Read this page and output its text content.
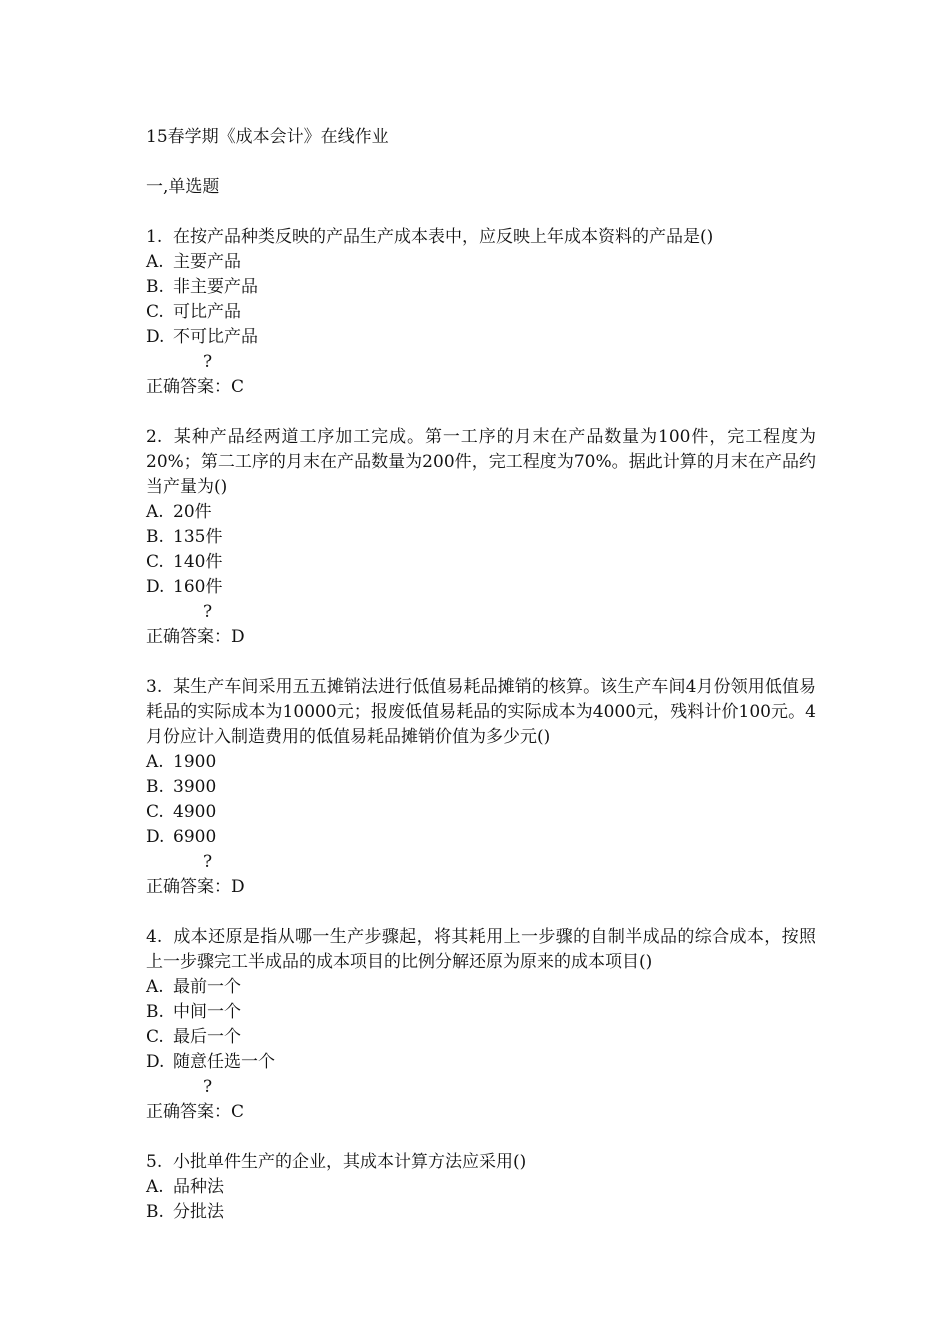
15春学期《成本会计》在线作业
一,单选题
1. 在按产品种类反映的产品生产成本表中，应反映上年成本资料的产品是()
A. 主要产品
B. 非主要产品
C. 可比产品
D. 不可比产品
?
正确答案：C
2. 某种产品经两道工序加工完成。第一工序的月末在产品数量为100件，完工程度为20%；第二工序的月末在产品数量为200件，完工程度为70%。据此计算的月末在产品约当产量为()
A. 20件
B. 135件
C. 140件
D. 160件
?
正确答案：D
3. 某生产车间采用五五摊销法进行低值易耗品摊销的核算。该生产车间4月份领用低值易耗品的实际成本为10000元；报废低值易耗品的实际成本为4000元，残料计价100元。4月份应计入制造费用的低值易耗品摊销价值为多少元()
A. 1900
B. 3900
C. 4900
D. 6900
?
正确答案：D
4. 成本还原是指从哪一生产步骤起，将其耗用上一步骤的自制半成品的综合成本，按照上一步骤完工半成品的成本项目的比例分解还原为原来的成本项目()
A. 最前一个
B. 中间一个
C. 最后一个
D. 随意任选一个
?
正确答案：C
5. 小批单件生产的企业，其成本计算方法应采用()
A. 品种法
B. 分批法
